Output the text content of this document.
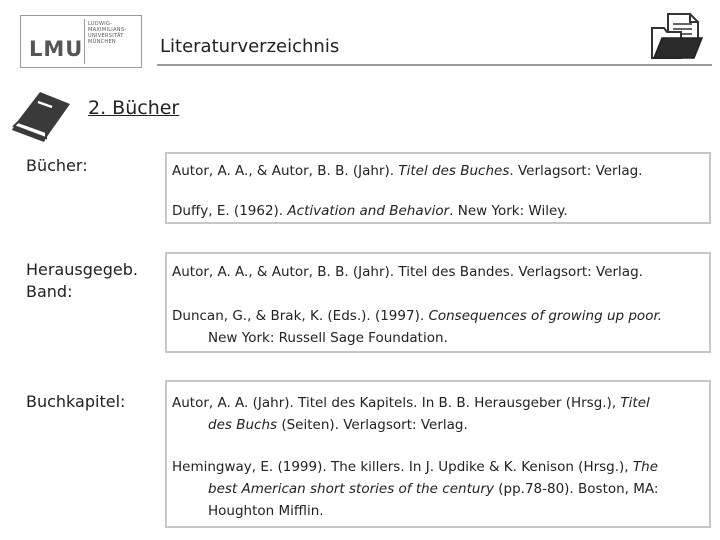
LMU
LUDWIG-
MAXIMILIANS-
UNIVERSITÄT
MÜNCHEN	Literaturverzeichnis
2. Bücher
Bücher:	Autor, A. A., & Autor, B. B. (Jahr). Titel des Buches. Verlagsort: Verlag.
Duffy, E. (1962). Activation and Behavior. New York: Wiley.
Herausgegeb.
Band:
Autor, A. A., & Autor, B. B. (Jahr). Titel des Bandes. Verlagsort: Verlag.
Duncan, G., & Brak, K. (Eds.). (1997). Consequences of growing up poor.
New York: Russell Sage Foundation.
Buchkapitel:	Autor, A. A. (Jahr). Titel des Kapitels. In B. B. Herausgeber (Hrsg.), Titel
des Buchs (Seiten). Verlagsort: Verlag.
Hemingway, E. (1999). The killers. In J. Updike & K. Kenison (Hrsg.), The
best American short stories of the century (pp.78-80). Boston, MA:
Houghton Mifflin.
